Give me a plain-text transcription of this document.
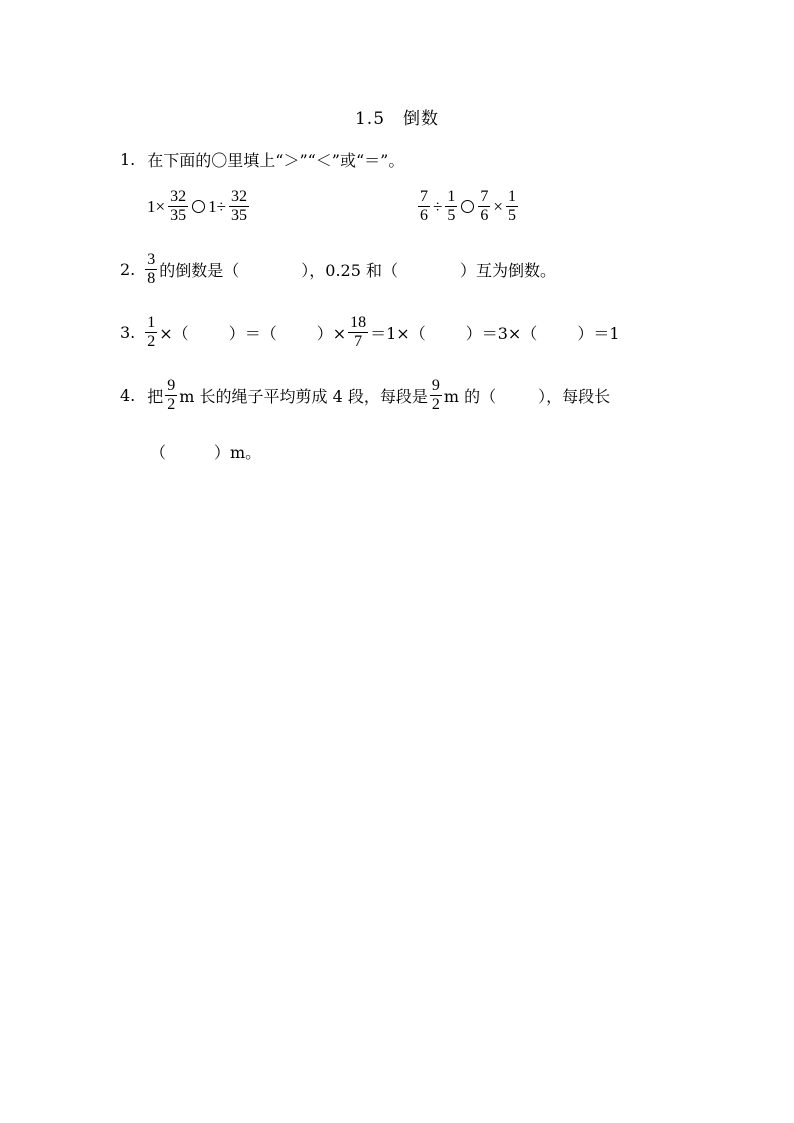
1.5　倒数
1. 在下面的〇里填上“＞”“＜”或“＝”。
$1\times \frac{32}{35} 1\div \frac{32}{35}$	$\frac{7}{6} \div \frac{1}{5} \frac{7}{6} \times \frac{1}{5}$
2. $\frac{3}{8}$ 的倒数是（	），0.25 和（	）互为倒数。
3. $\frac{1}{2}$ ×（	）＝（	）× $\frac{18}{7} =1\times$（	）＝3×（	）＝1
4. 把 $\frac{9}{2}$ m 长的绳子平均剪成 4 段，每段是 $\frac{9}{2}$ m 的（	），每段长
（　　　）m。
